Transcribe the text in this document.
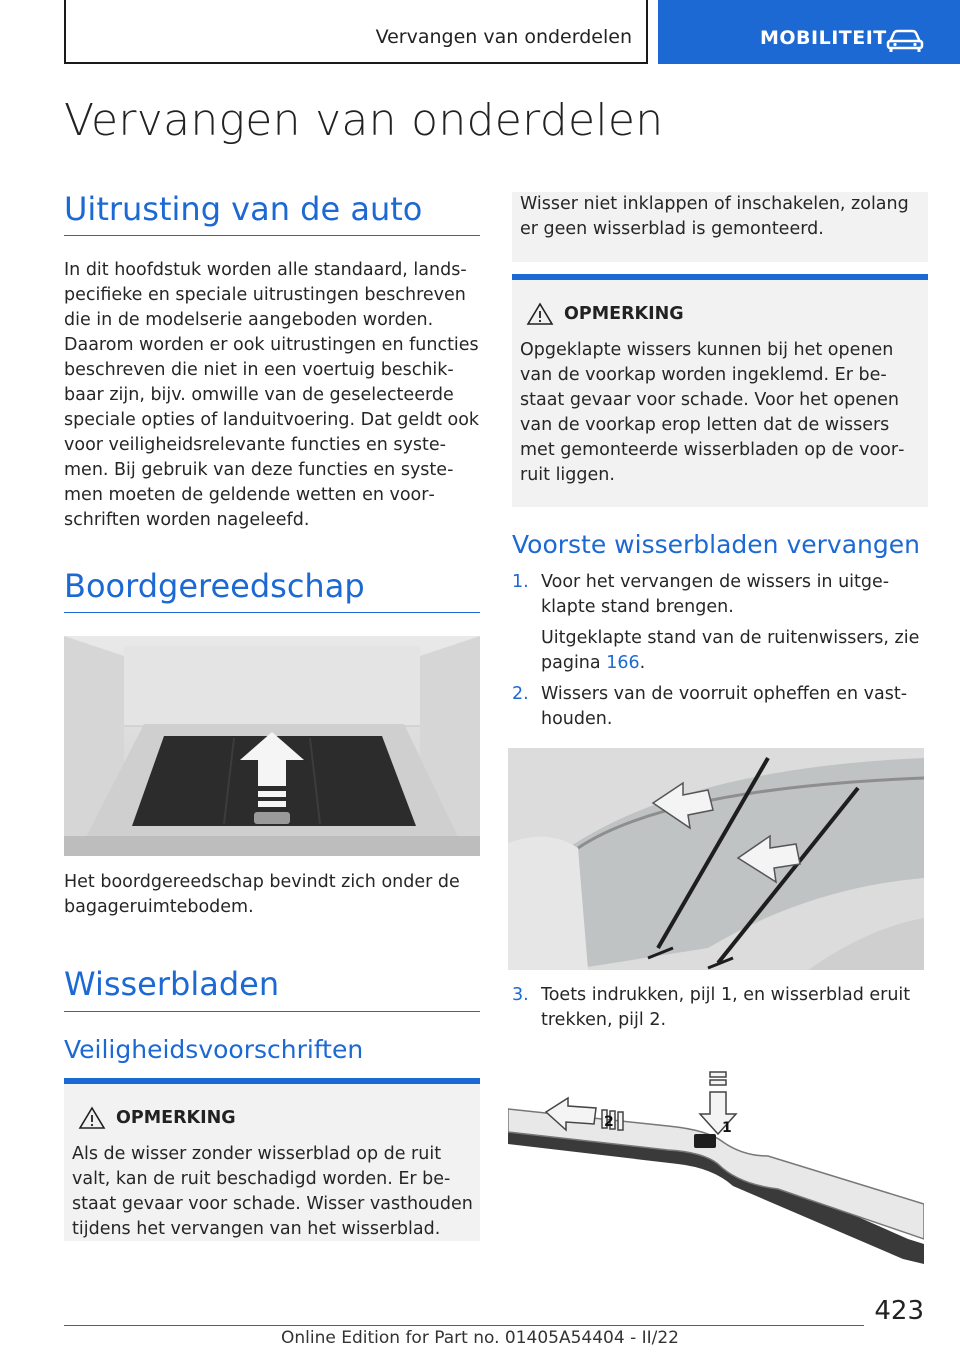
Vervangen van onderdelen	MOBILITEIT
Vervangen van onderdelen
Uitrusting van de auto
In dit hoofdstuk worden alle standaard, landspecifieke en speciale uitrustingen beschreven die in de modelserie aangeboden worden. Daarom worden er ook uitrustingen en functies beschreven die niet in een voertuig beschikbaar zijn, bijv. omwille van de geselecteerde speciale opties of landuitvoering. Dat geldt ook voor veiligheidsrelevante functies en systemen. Bij gebruik van deze functies en systemen moeten de geldende wetten en voorschriften worden nageleefd.
Boordgereedschap
Het boordgereedschap bevindt zich onder de bagageruimtebodem.
Wisserbladen
Veiligheidsvoorschriften
OPMERKING
Als de wisser zonder wisserblad op de ruit valt, kan de ruit beschadigd worden. Er bestaat gevaar voor schade. Wisser vasthouden tijdens het vervangen van het wisserblad.
Wisser niet inklappen of inschakelen, zolang er geen wisserblad is gemonteerd.
OPMERKING
Opgeklapte wissers kunnen bij het openen van de voorkap worden ingeklemd. Er bestaat gevaar voor schade. Voor het openen van de voorkap erop letten dat de wissers met gemonteerde wisserbladen op de voorruit liggen.
Voorste wisserbladen vervangen
1. Voor het vervangen de wissers in uitgeklapte stand brengen.
Uitgeklapte stand van de ruitenwissers, zie pagina 166.
2. Wissers van de voorruit opheffen en vasthouden.
3. Toets indrukken, pijl 1, en wisserblad eruit trekken, pijl 2.
1
2
423
Online Edition for Part no. 01405A54404 - II/22
